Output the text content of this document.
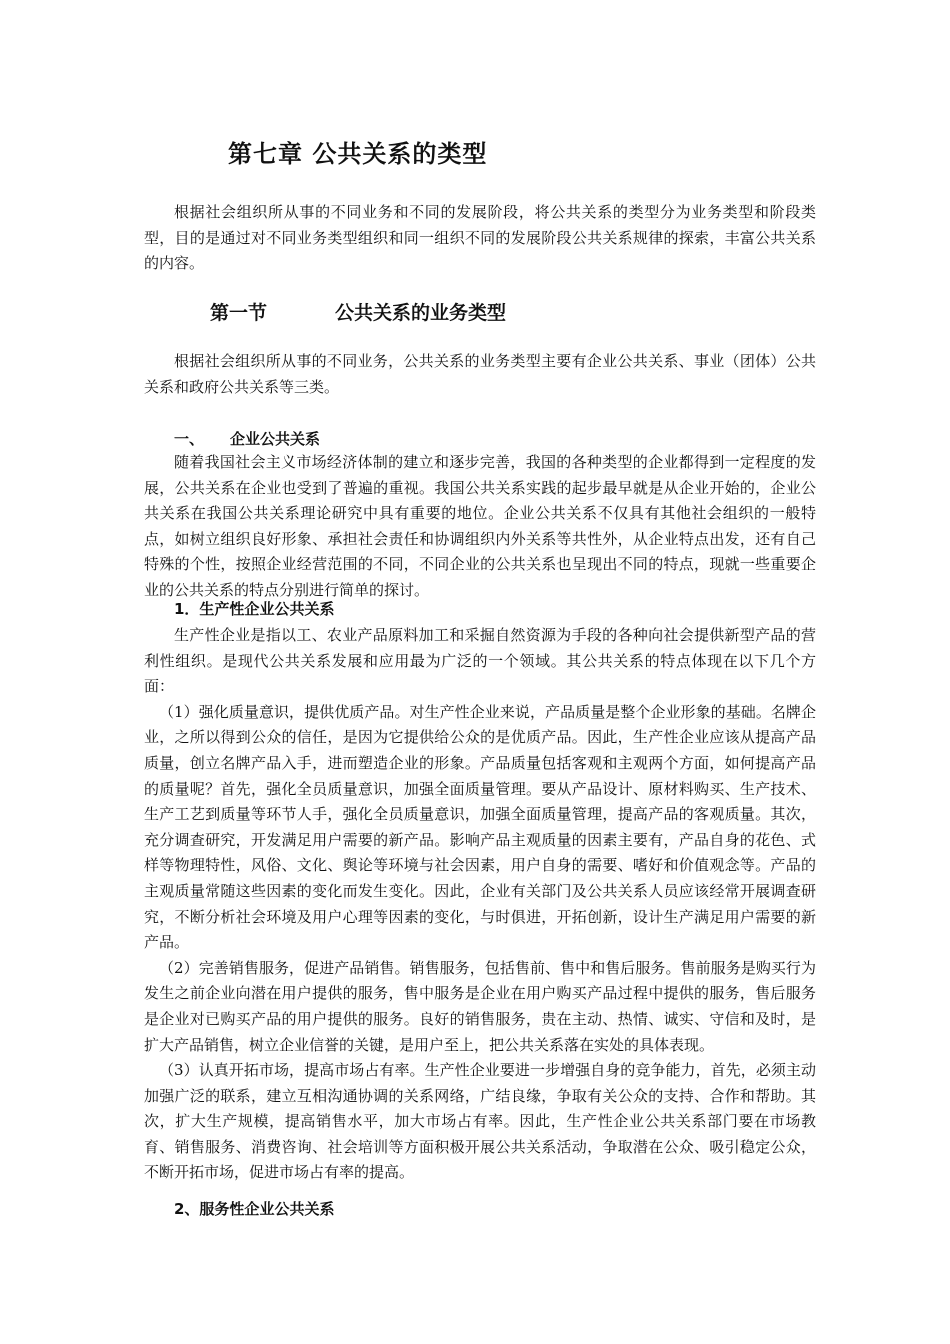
第七章 公共关系的类型

根据社会组织所从事的不同业务和不同的发展阶段，将公共关系的类型分为业务类型和阶段类型，目的是通过对不同业务类型组织和同一组织不同的发展阶段公共关系规律的探索，丰富公共关系的内容。

第一节	公共关系的业务类型

根据社会组织所从事的不同业务，公共关系的业务类型主要有企业公共关系、事业（团体）公共关系和政府公共关系等三类。

一、 企业公共关系

随着我国社会主义市场经济体制的建立和逐步完善，我国的各种类型的企业都得到一定程度的发展，公共关系在企业也受到了普遍的重视。我国公共关系实践的起步最早就是从企业开始的，企业公共关系在我国公共关系理论研究中具有重要的地位。企业公共关系不仅具有其他社会组织的一般特点，如树立组织良好形象、承担社会责任和协调组织内外关系等共性外，从企业特点出发，还有自己特殊的个性，按照企业经营范围的不同，不同企业的公共关系也呈现出不同的特点，现就一些重要企业的公共关系的特点分别进行简单的探讨。

1．生产性企业公共关系

生产性企业是指以工、农业产品原料加工和采掘自然资源为手段的各种向社会提供新型产品的营利性组织。是现代公共关系发展和应用最为广泛的一个领域。其公共关系的特点体现在以下几个方面：

（1）强化质量意识，提供优质产品。对生产性企业来说，产品质量是整个企业形象的基础。名牌企业，之所以得到公众的信任，是因为它提供给公众的是优质产品。因此，生产性企业应该从提高产品质量，创立名牌产品入手，进而塑造企业的形象。产品质量包括客观和主观两个方面，如何提高产品的质量呢？首先，强化全员质量意识，加强全面质量管理。要从产品设计、原材料购买、生产技术、生产工艺到质量等环节人手，强化全员质量意识，加强全面质量管理，提高产品的客观质量。其次，充分调查研究，开发满足用户需要的新产品。影响产品主观质量的因素主要有，产品自身的花色、式样等物理特性，风俗、文化、舆论等环境与社会因素，用户自身的需要、嗜好和价值观念等。产品的主观质量常随这些因素的变化而发生变化。因此，企业有关部门及公共关系人员应该经常开展调查研究，不断分析社会环境及用户心理等因素的变化，与时俱进，开拓创新，设计生产满足用户需要的新产品。

（2）完善销售服务，促进产品销售。销售服务，包括售前、售中和售后服务。售前服务是购买行为发生之前企业向潜在用户提供的服务，售中服务是企业在用户购买产品过程中提供的服务，售后服务是企业对已购买产品的用户提供的服务。良好的销售服务，贵在主动、热情、诚实、守信和及时，是扩大产品销售，树立企业信誉的关键，是用户至上，把公共关系落在实处的具体表现。

（3）认真开拓市场，提高市场占有率。生产性企业要进一步增强自身的竞争能力，首先，必须主动加强广泛的联系，建立互相沟通协调的关系网络，广结良缘，争取有关公众的支持、合作和帮助。其次，扩大生产规模，提高销售水平，加大市场占有率。因此，生产性企业公共关系部门要在市场教育、销售服务、消费咨询、社会培训等方面积极开展公共关系活动，争取潜在公众、吸引稳定公众，不断开拓市场，促进市场占有率的提高。

2、服务性企业公共关系
